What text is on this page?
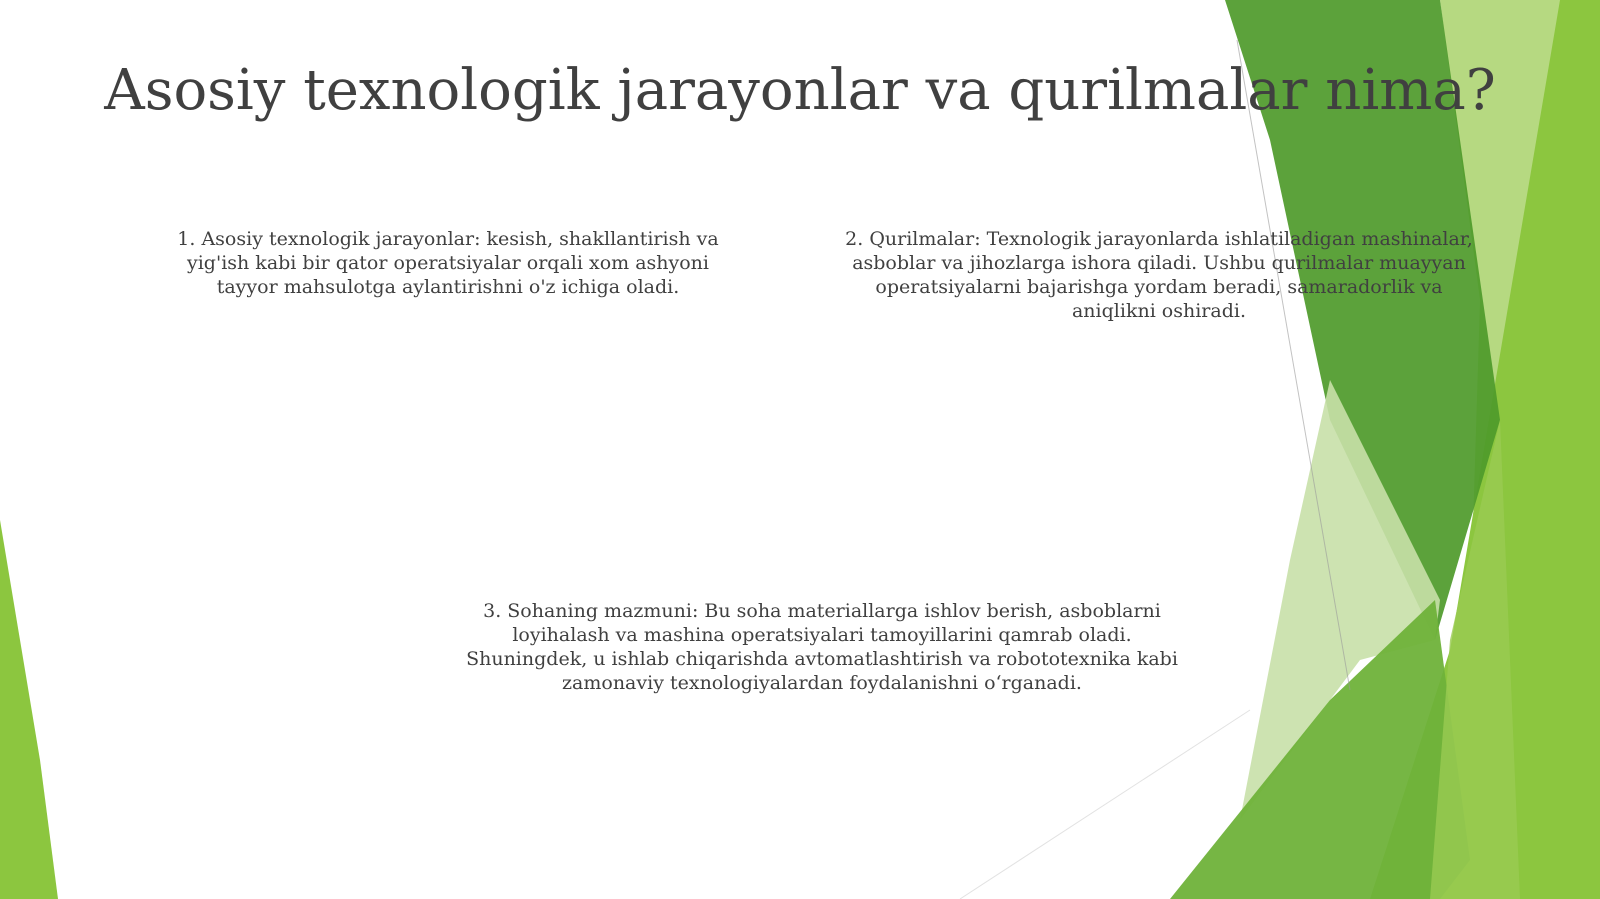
Asosiy texnologik jarayonlar va qurilmalar nima?

1. Asosiy texnologik jarayonlar: kesish, shakllantirish va yig'ish kabi bir qator operatsiyalar orqali xom ashyoni tayyor mahsulotga aylantirishni o'z ichiga oladi.

2. Qurilmalar: Texnologik jarayonlarda ishlatiladigan mashinalar, asboblar va jihozlarga ishora qiladi. Ushbu qurilmalar muayyan operatsiyalarni bajarishga yordam beradi, samaradorlik va aniqlikni oshiradi.

3. Sohaning mazmuni: Bu soha materiallarga ishlov berish, asboblarni loyihalash va mashina operatsiyalari tamoyillarini qamrab oladi. Shuningdek, u ishlab chiqarishda avtomatlashtirish va robototexnika kabi zamonaviy texnologiyalardan foydalanishni o‘rganadi.
